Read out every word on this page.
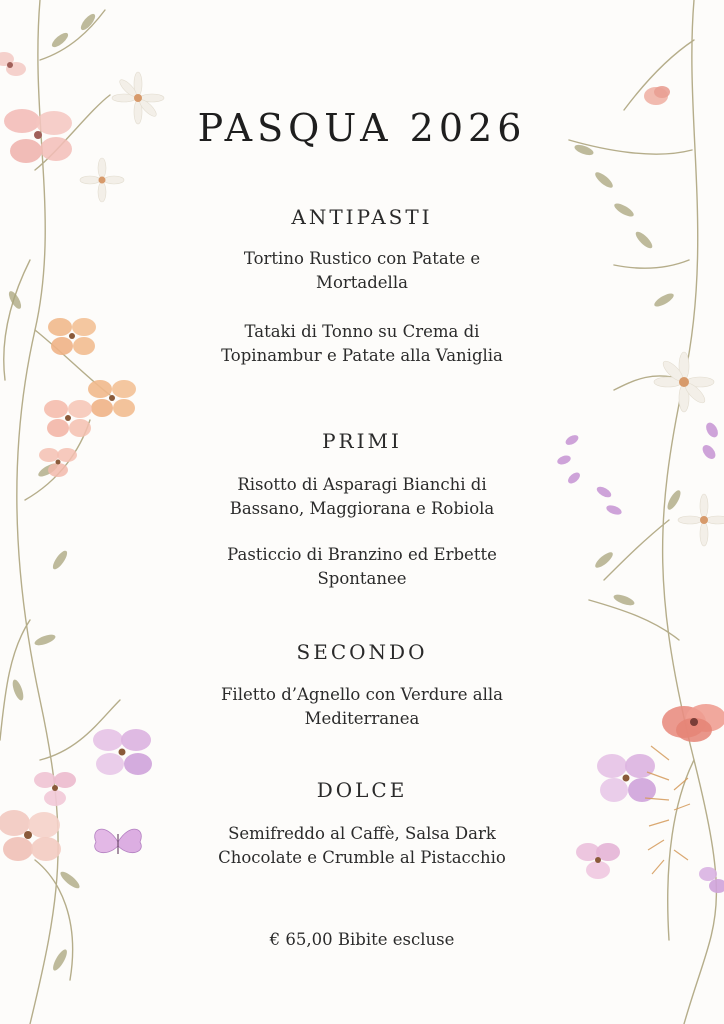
PASQUA 2026
ANTIPASTI
Tortino Rustico con Patate e
Mortadella
Tataki di Tonno su Crema di
Topinambur e Patate alla Vaniglia
PRIMI
Risotto di Asparagi Bianchi di
Bassano, Maggiorana e Robiola
Pasticcio di Branzino ed Erbette
Spontanee
SECONDO
Filetto d’Agnello con Verdure alla
Mediterranea
DOLCE
Semifreddo al Caffè, Salsa Dark
Chocolate e Crumble al Pistacchio
€ 65,00 Bibite escluse
